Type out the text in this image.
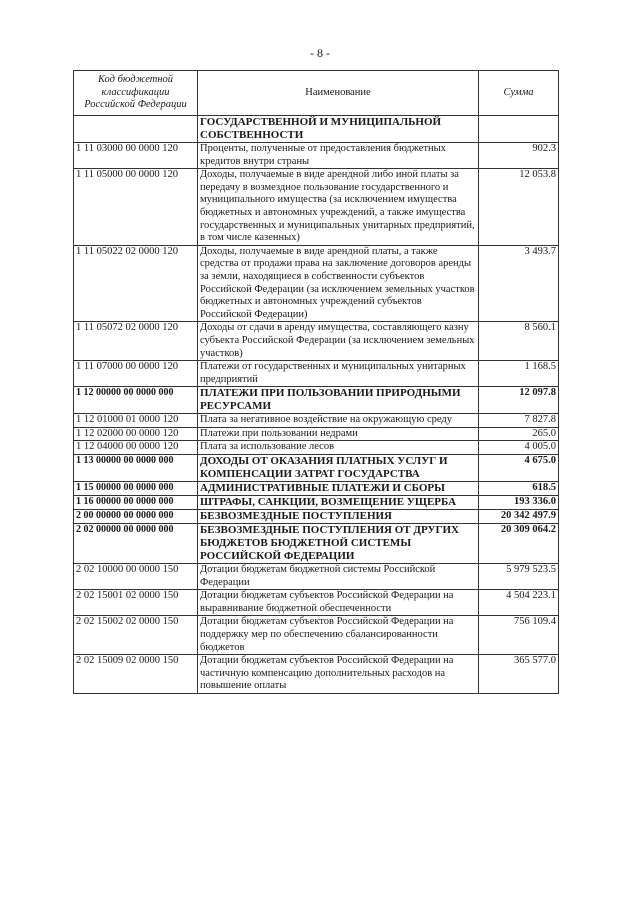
- 8 -
Код бюджетной классификации Российской Федерации	Наименование	Сумма
	ГОСУДАРСТВЕННОЙ И МУНИЦИПАЛЬНОЙ СОБСТВЕННОСТИ	
1 11 03000 00 0000 120	Проценты, полученные от предоставления бюджетных кредитов внутри страны	902.3
1 11 05000 00 0000 120	Доходы, получаемые в виде арендной либо иной платы за передачу в возмездное пользование государственного и муниципального имущества (за исключением имущества бюджетных и автономных учреждений, а также имущества государственных и муниципальных унитарных предприятий, в том числе казенных)	12 053.8
1 11 05022 02 0000 120	Доходы, получаемые в виде арендной платы, а также средства от продажи права на заключение договоров аренды за земли, находящиеся в собственности субъектов Российской Федерации (за исключением земельных участков бюджетных и автономных учреждений субъектов Российской Федерации)	3 493.7
1 11 05072 02 0000 120	Доходы от сдачи в аренду имущества, составляющего казну субъекта Российской Федерации (за исключением земельных участков)	8 560.1
1 11 07000 00 0000 120	Платежи от государственных и муниципальных унитарных предприятий	1 168.5
1 12 00000 00 0000 000	ПЛАТЕЖИ ПРИ ПОЛЬЗОВАНИИ ПРИРОДНЫМИ РЕСУРСАМИ	12 097.8
1 12 01000 01 0000 120	Плата за негативное воздействие на окружающую среду	7 827.8
1 12 02000 00 0000 120	Платежи при пользовании недрами	265.0
1 12 04000 00 0000 120	Плата за использование лесов	4 005.0
1 13 00000 00 0000 000	ДОХОДЫ ОТ ОКАЗАНИЯ ПЛАТНЫХ УСЛУГ И КОМПЕНСАЦИИ ЗАТРАТ ГОСУДАРСТВА	4 675.0
1 15 00000 00 0000 000	АДМИНИСТРАТИВНЫЕ ПЛАТЕЖИ И СБОРЫ	618.5
1 16 00000 00 0000 000	ШТРАФЫ, САНКЦИИ, ВОЗМЕЩЕНИЕ УЩЕРБА	193 336.0
2 00 00000 00 0000 000	БЕЗВОЗМЕЗДНЫЕ ПОСТУПЛЕНИЯ	20 342 497.9
2 02 00000 00 0000 000	БЕЗВОЗМЕЗДНЫЕ ПОСТУПЛЕНИЯ ОТ ДРУГИХ БЮДЖЕТОВ БЮДЖЕТНОЙ СИСТЕМЫ РОССИЙСКОЙ ФЕДЕРАЦИИ	20 309 064.2
2 02 10000 00 0000 150	Дотации бюджетам бюджетной системы Российской Федерации	5 979 523.5
2 02 15001 02 0000 150	Дотации бюджетам субъектов Российской Федерации на выравнивание бюджетной обеспеченности	4 504 223.1
2 02 15002 02 0000 150	Дотации бюджетам субъектов Российской Федерации на поддержку мер по обеспечению сбалансированности бюджетов	756 109.4
2 02 15009 02 0000 150	Дотации бюджетам субъектов Российской Федерации на частичную компенсацию дополнительных расходов на повышение оплаты	365 577.0
